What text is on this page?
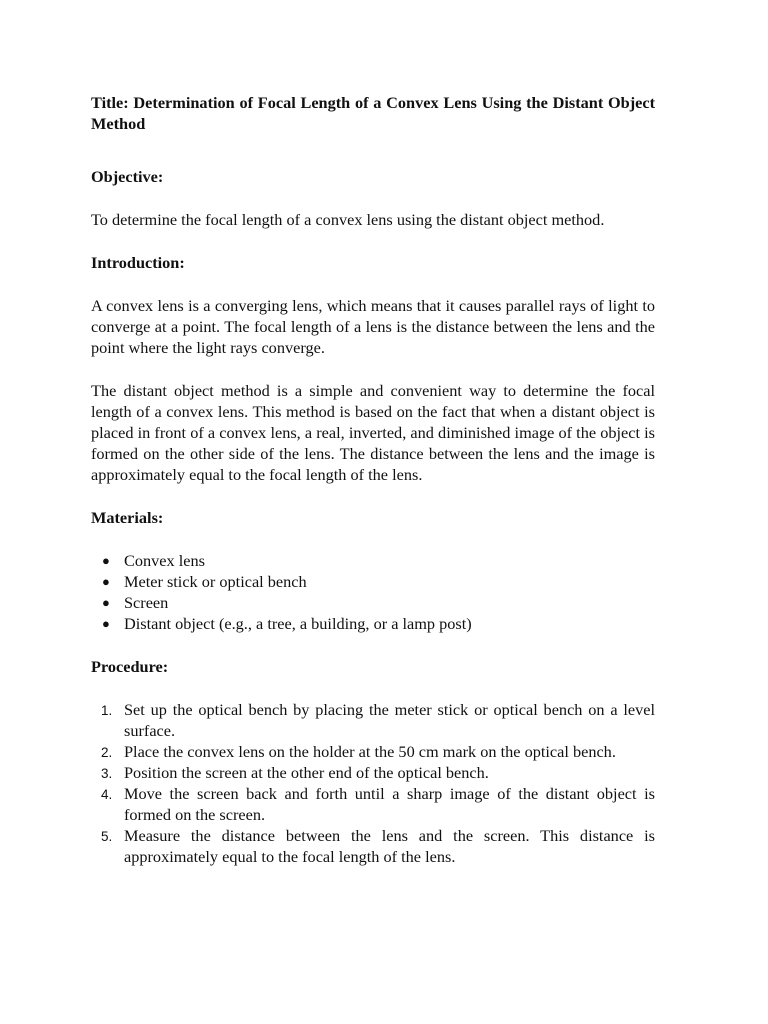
Title: Determination of Focal Length of a Convex Lens Using the Distant Object Method

Objective:

To determine the focal length of a convex lens using the distant object method.

Introduction:

A convex lens is a converging lens, which means that it causes parallel rays of light to converge at a point. The focal length of a lens is the distance between the lens and the point where the light rays converge.

The distant object method is a simple and convenient way to determine the focal length of a convex lens. This method is based on the fact that when a distant object is placed in front of a convex lens, a real, inverted, and diminished image of the object is formed on the other side of the lens. The distance between the lens and the image is approximately equal to the focal length of the lens.

Materials:

● Convex lens
● Meter stick or optical bench
● Screen
● Distant object (e.g., a tree, a building, or a lamp post)

Procedure:

1. Set up the optical bench by placing the meter stick or optical bench on a level surface.
2. Place the convex lens on the holder at the 50 cm mark on the optical bench.
3. Position the screen at the other end of the optical bench.
4. Move the screen back and forth until a sharp image of the distant object is formed on the screen.
5. Measure the distance between the lens and the screen. This distance is approximately equal to the focal length of the lens.
